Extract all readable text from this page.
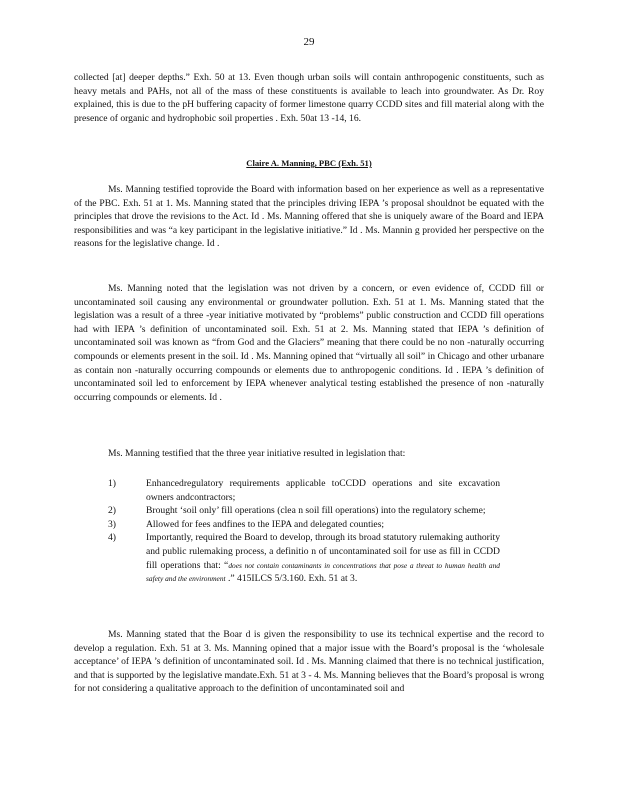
29

collected [at] deeper depths.” Exh. 50 at 13. Even though urban soils will contain anthropogenic constituents, such as heavy metals and PAHs, not all of the mass of these constituents is available to leach into groundwater. As Dr. Roy explained, this is due to the pH buffering capacity of former limestone quarry CCDD sites and fill material along with the presence of organic and hydrophobic soil properties . Exh. 50at 13 -14, 16.

Claire A. Manning, PBC (Exh. 51)

Ms. Manning testified toprovide the Board with information based on her experience as well as a representative of the PBC. Exh. 51 at 1. Ms. Manning stated that the principles driving IEPA ’s proposal shouldnot be equated with the principles that drove the revisions to the Act. Id . Ms. Manning offered that she is uniquely aware of the Board and IEPA responsibilities and was “a key participant in the legislative initiative.” Id . Ms. Mannin g provided her perspective on the reasons for the legislative change. Id .

Ms. Manning noted that the legislation was not driven by a concern, or even evidence of, CCDD fill or uncontaminated soil causing any environmental or groundwater pollution. Exh. 51 at 1. Ms. Manning stated that the legislation was a result of a three -year initiative motivated by “problems” public construction and CCDD fill operations had with IEPA ’s definition of uncontaminated soil. Exh. 51 at 2. Ms. Manning stated that IEPA ’s definition of uncontaminated soil was known as “from God and the Glaciers” meaning that there could be no non -naturally occurring compounds or elements present in the soil. Id . Ms. Manning opined that “virtually all soil” in Chicago and other urbanare as contain non -naturally occurring compounds or elements due to anthropogenic conditions. Id . IEPA ’s definition of uncontaminated soil led to enforcement by IEPA whenever analytical testing established the presence of non -naturally occurring compounds or elements. Id .

Ms. Manning testified that the three year initiative resulted in legislation that:

1)	Enhancedregulatory requirements applicable toCCDD operations and site excavation owners andcontractors;
2)	Brought ‘soil only’ fill operations (clea n soil fill operations) into the regulatory scheme;
3)	Allowed for fees andfines to the IEPA and delegated counties;
4)	Importantly, required the Board to develop, through its broad statutory rulemaking authority and public rulemaking process, a definitio n of uncontaminated soil for use as fill in CCDD fill operations that: “does not contain contaminants in concentrations that pose a threat to human health and safety and the environment .” 415ILCS 5/3.160. Exh. 51 at 3.

Ms. Manning stated that the Boar d is given the responsibility to use its technical expertise and the record to develop a regulation. Exh. 51 at 3. Ms. Manning opined that a major issue with the Board’s proposal is the ‘wholesale acceptance’ of IEPA ’s definition of uncontaminated soil. Id . Ms. Manning claimed that there is no technical justification, and that is supported by the legislative mandate.Exh. 51 at 3 - 4. Ms. Manning believes that the Board’s proposal is wrong for not considering a qualitative approach to the definition of uncontaminated soil and
